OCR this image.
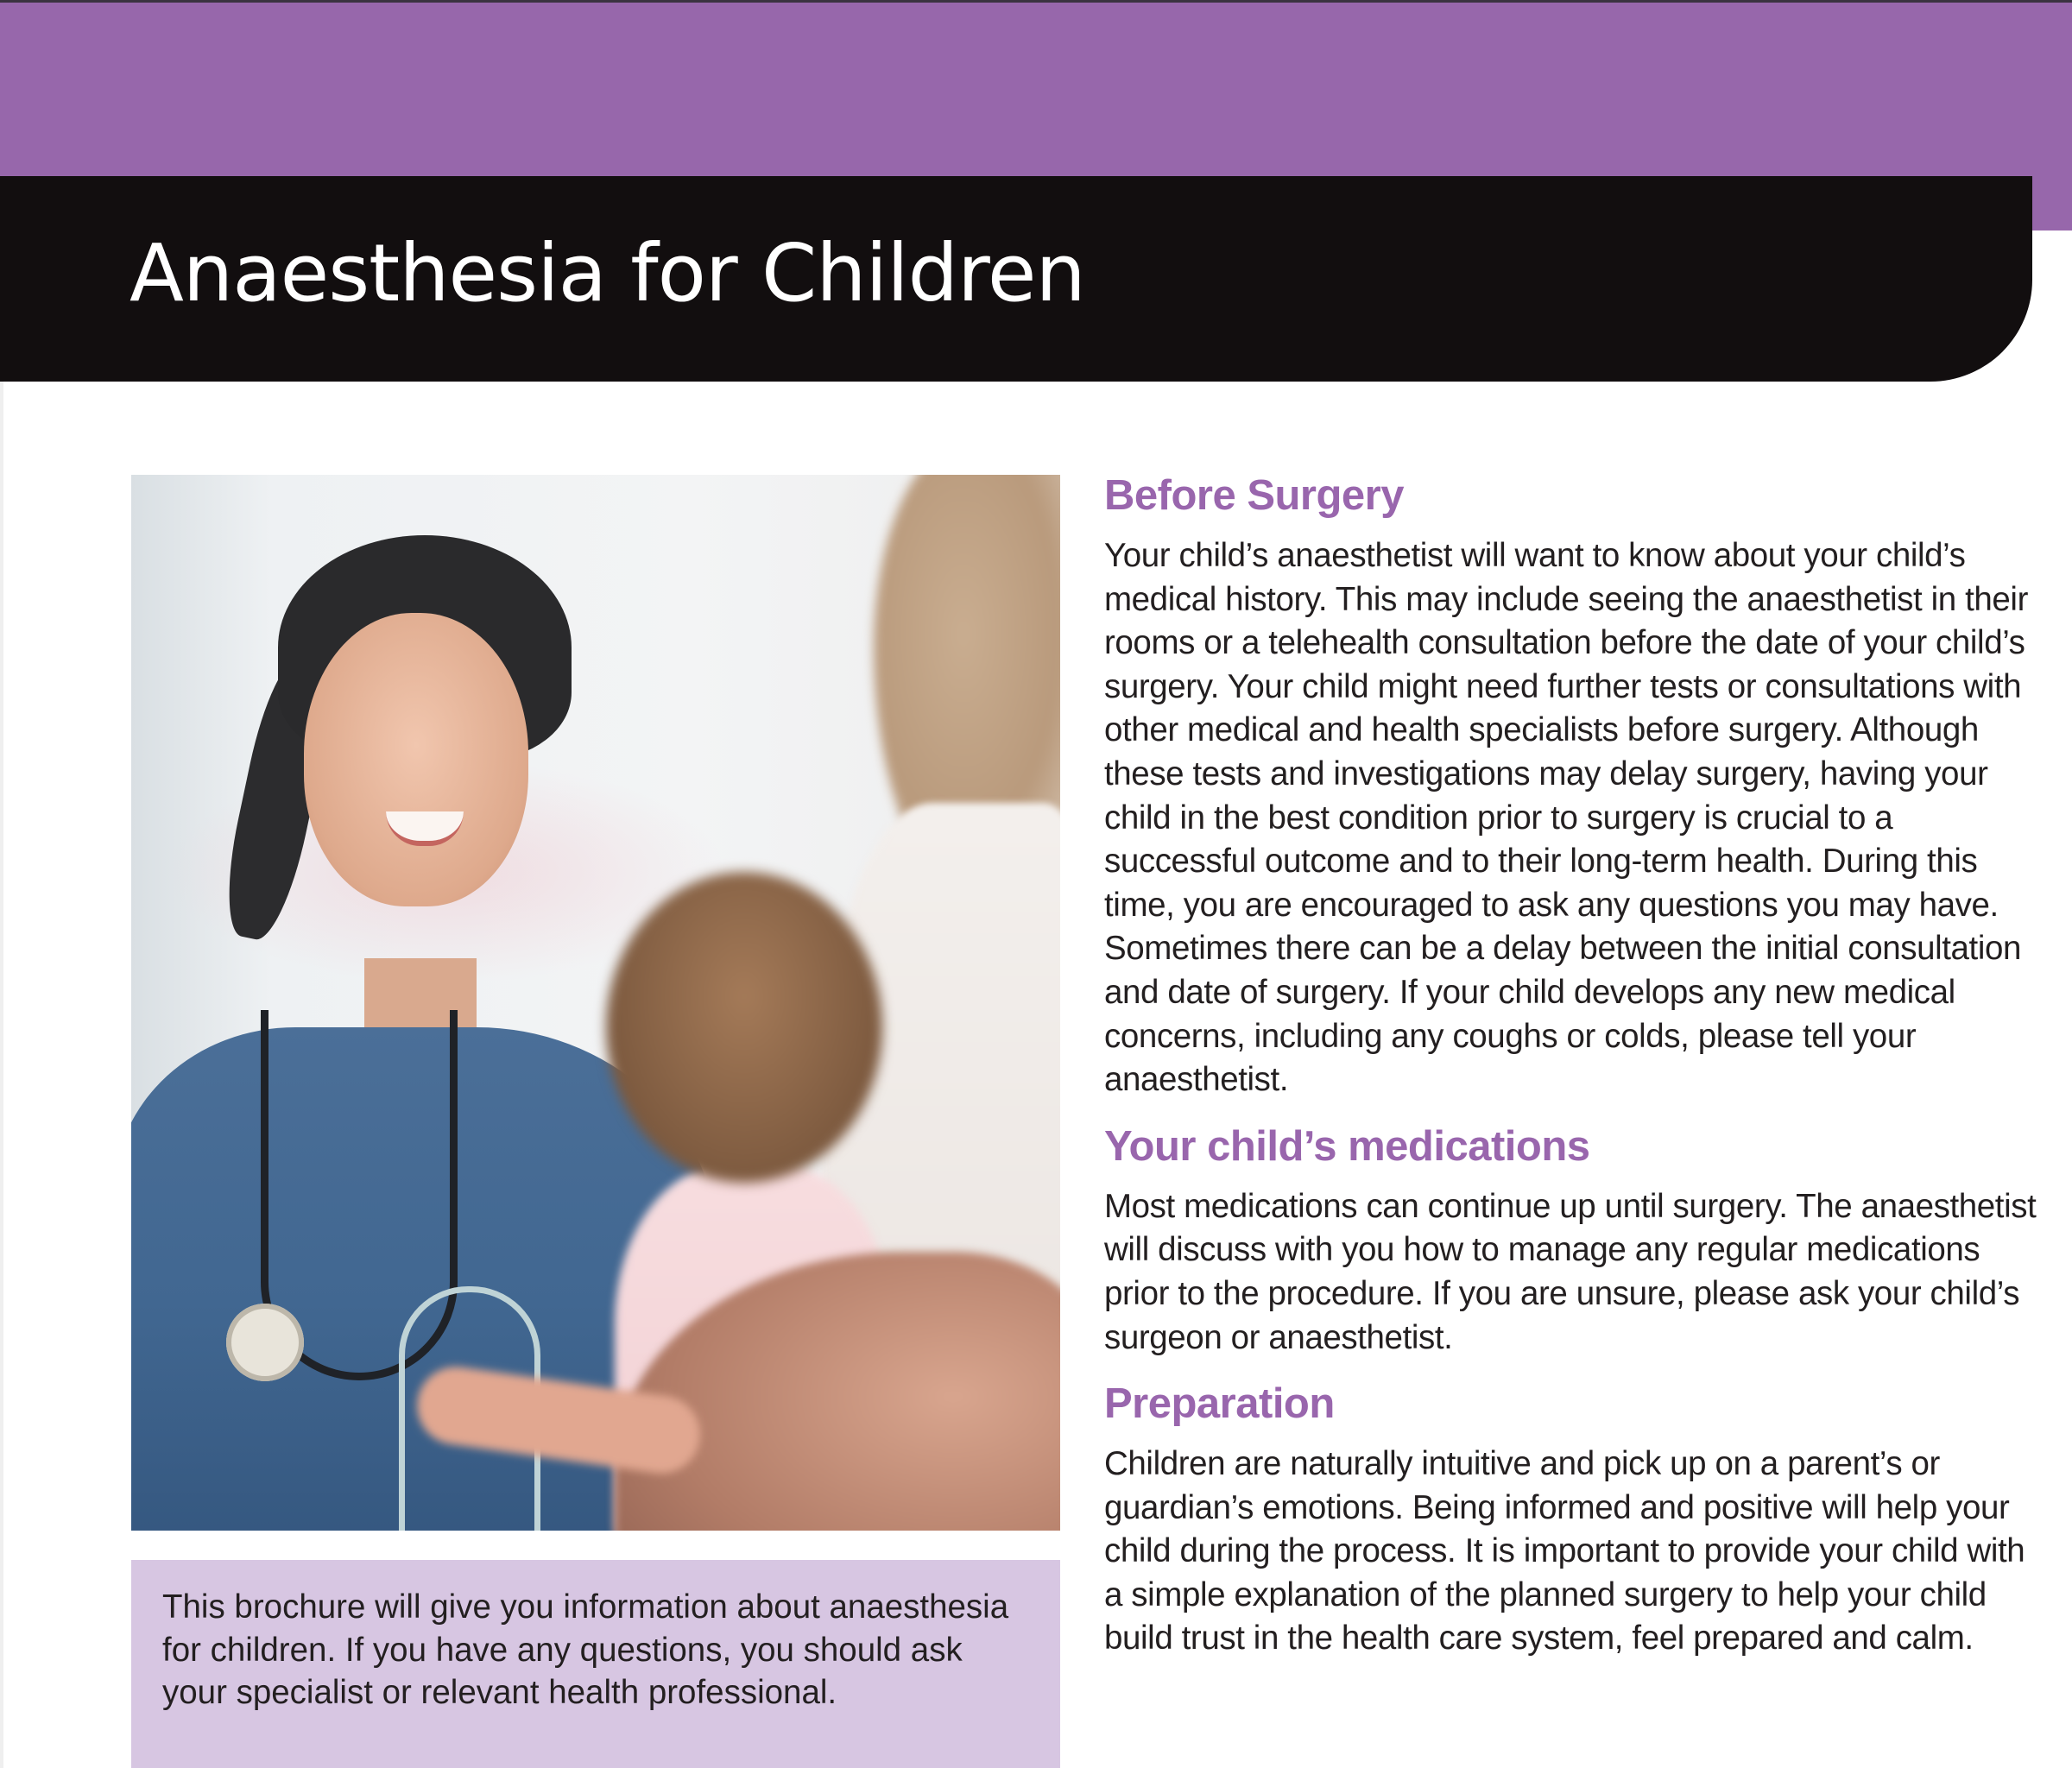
Anaesthesia for Children

This brochure will give you information about anaesthesia for children. If you have any questions, you should ask your specialist or relevant health professional.

Before Surgery

Your child’s anaesthetist will want to know about your child’s medical history. This may include seeing the anaesthetist in their rooms or a telehealth consultation before the date of your child’s surgery. Your child might need further tests or consultations with other medical and health specialists before surgery. Although these tests and investigations may delay surgery, having your child in the best condition prior to surgery is crucial to a successful outcome and to their long-term health. During this time, you are encouraged to ask any questions you may have. Sometimes there can be a delay between the initial consultation and date of surgery. If your child develops any new medical concerns, including any coughs or colds, please tell your anaesthetist.

Your child’s medications

Most medications can continue up until surgery. The anaesthetist will discuss with you how to manage any regular medications prior to the procedure. If you are unsure, please ask your child’s surgeon or anaesthetist.

Preparation

Children are naturally intuitive and pick up on a parent’s or guardian’s emotions. Being informed and positive will help your child during the process. It is important to provide your child with a simple explanation of the planned surgery to help your child build trust in the health care system, feel prepared and calm.
